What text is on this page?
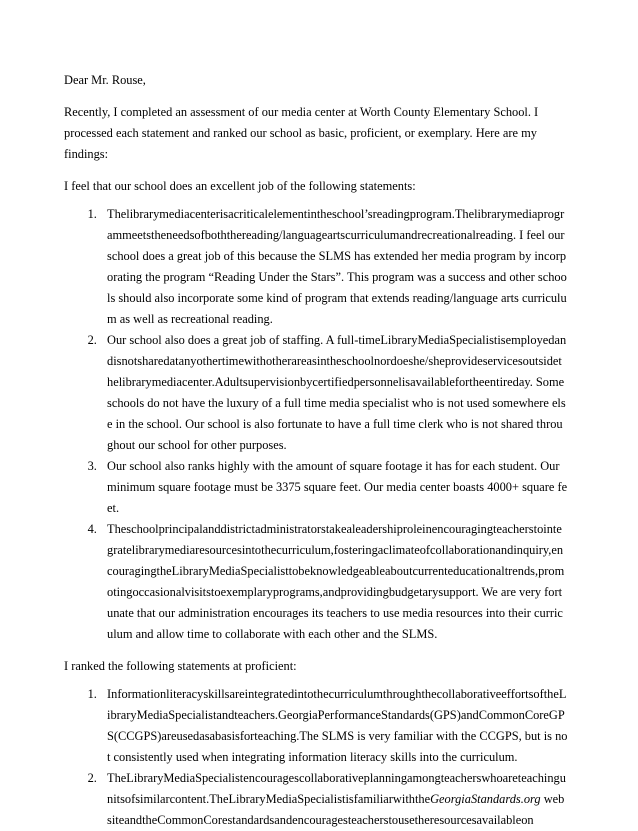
Dear Mr. Rouse,

Recently, I completed an assessment of our media center at Worth County Elementary School. I processed each statement and ranked our school as basic, proficient, or exemplary. Here are my findings:

I feel that our school does an excellent job of the following statements:

1. Thelibrarymediacenterisacriticalelementintheschool’sreadingprogram.Thelibrarymediaprogrammeetstheneedsofboththereading/languageartscurriculumandrecreationalreading. I feel our school does a great job of this because the SLMS has extended her media program by incorporating the program “Reading Under the Stars”. This program was a success and other schools should also incorporate some kind of program that extends reading/language arts curriculum as well as recreational reading.
2. Our school also does a great job of staffing. A full-timeLibraryMediaSpecialistisemployedandisnotsharedatanyothertimewithotherareasintheschoolnordoeshe/sheprovideservicesoutsidethelibrarymediacenter.Adultsupervisionbycertifiedpersonnelisavailablefortheentireday. Some schools do not have the luxury of a full time media specialist who is not used somewhere else in the school. Our school is also fortunate to have a full time clerk who is not shared throughout our school for other purposes.
3. Our school also ranks highly with the amount of square footage it has for each student. Our minimum square footage must be 3375 square feet. Our media center boasts 4000+ square feet.
4. Theschoolprincipalanddistrictadministratorstakealeadershiproleinencouragingteacherstointegratelibrarymediaresourcesintothecurriculum,fosteringaclimateofcollaborationandinquiry,encouragingtheLibraryMediaSpecialisttobeknowledgeableaboutcurrenteducationaltrends,promotingoccasionalvisitstoexemplaryprograms,andprovidingbudgetarysupport. We are very fortunate that our administration encourages its teachers to use media resources into their curriculum and allow time to collaborate with each other and the SLMS.

I ranked the following statements at proficient:

1. InformationliteracyskillsareintegratedintothecurriculumthroughthecollaborativeeffortsoftheLibraryMediaSpecialistandteachers.GeorgiaPerformanceStandards(GPS)andCommonCoreGPS(CCGPS)areusedasabasisforteaching.The SLMS is very familiar with the CCGPS, but is not consistently used when integrating information literacy skills into the curriculum.
2. TheLibraryMediaSpecialistencouragescollaborativeplanningamongteacherswhoareteachingunitsofsimilarcontent.TheLibraryMediaSpecialistisfamiliarwiththeGeorgiaStandards.org websiteandtheCommonCorestandardsandencouragesteacherstousetheresourcesavailableon
